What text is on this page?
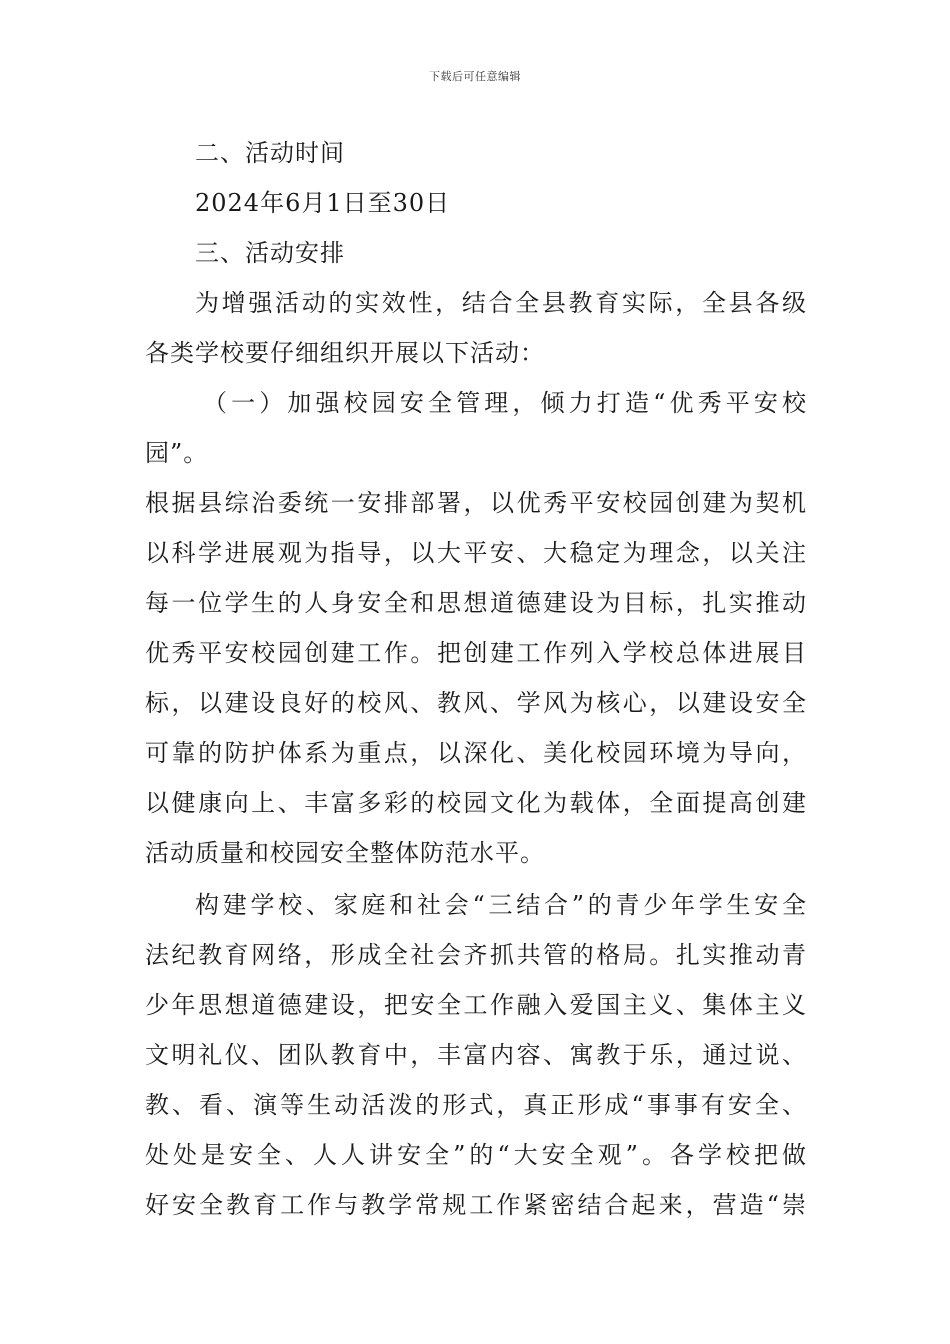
下载后可任意编辑
二、活动时间
2024年6月1日至30日
三、活动安排
为增强活动的实效性，结合全县教育实际，全县各级
各类学校要仔细组织开展以下活动：
（一）加强校园安全管理，倾力打造“优秀平安校
园”。
根据县综治委统一安排部署，以优秀平安校园创建为契机
以科学进展观为指导，以大平安、大稳定为理念，以关注
每一位学生的人身安全和思想道德建设为目标，扎实推动
优秀平安校园创建工作。把创建工作列入学校总体进展目
标，以建设良好的校风、教风、学风为核心，以建设安全
可靠的防护体系为重点，以深化、美化校园环境为导向，
以健康向上、丰富多彩的校园文化为载体，全面提高创建
活动质量和校园安全整体防范水平。
构建学校、家庭和社会“三结合”的青少年学生安全
法纪教育网络，形成全社会齐抓共管的格局。扎实推动青
少年思想道德建设，把安全工作融入爱国主义、集体主义
文明礼仪、团队教育中，丰富内容、寓教于乐，通过说、
教、看、演等生动活泼的形式，真正形成“事事有安全、
处处是安全、人人讲安全”的“大安全观”。各学校把做
好安全教育工作与教学常规工作紧密结合起来，营造“崇
